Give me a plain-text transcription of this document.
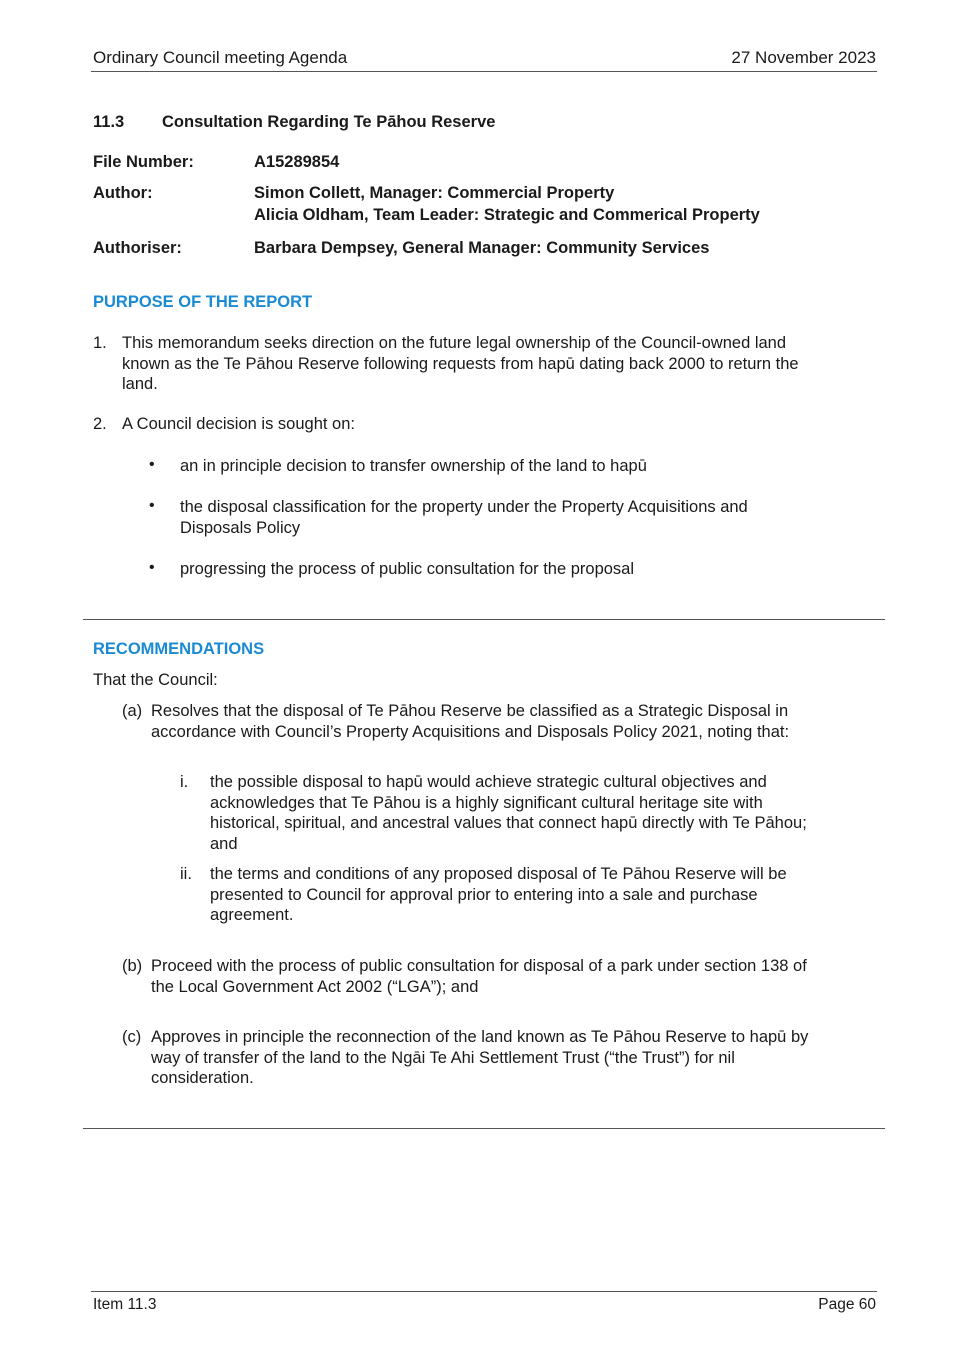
Ordinary Council meeting Agenda	27 November 2023
11.3 Consultation Regarding Te Pāhou Reserve
File Number:	A15289854
Author:	Simon Collett, Manager: Commercial Property
Alicia Oldham, Team Leader: Strategic and Commerical Property
Authoriser:	Barbara Dempsey, General Manager: Community Services
PURPOSE OF THE REPORT
1. This memorandum seeks direction on the future legal ownership of the Council-owned land
known as the Te Pāhou Reserve following requests from hapū dating back 2000 to return the
land.
2. A Council decision is sought on:
• an in principle decision to transfer ownership of the land to hapū
• the disposal classification for the property under the Property Acquisitions and
Disposals Policy
• progressing the process of public consultation for the proposal
RECOMMENDATIONS
That the Council:
(a) Resolves that the disposal of Te Pāhou Reserve be classified as a Strategic Disposal in
accordance with Council’s Property Acquisitions and Disposals Policy 2021, noting that:
i. the possible disposal to hapū would achieve strategic cultural objectives and
acknowledges that Te Pāhou is a highly significant cultural heritage site with
historical, spiritual, and ancestral values that connect hapū directly with Te Pāhou;
and
ii. the terms and conditions of any proposed disposal of Te Pāhou Reserve will be
presented to Council for approval prior to entering into a sale and purchase
agreement.
(b) Proceed with the process of public consultation for disposal of a park under section 138 of
the Local Government Act 2002 (“LGA”); and
(c) Approves in principle the reconnection of the land known as Te Pāhou Reserve to hapū by
way of transfer of the land to the Ngāi Te Ahi Settlement Trust (“the Trust”) for nil
consideration.
Item 11.3	Page 60
